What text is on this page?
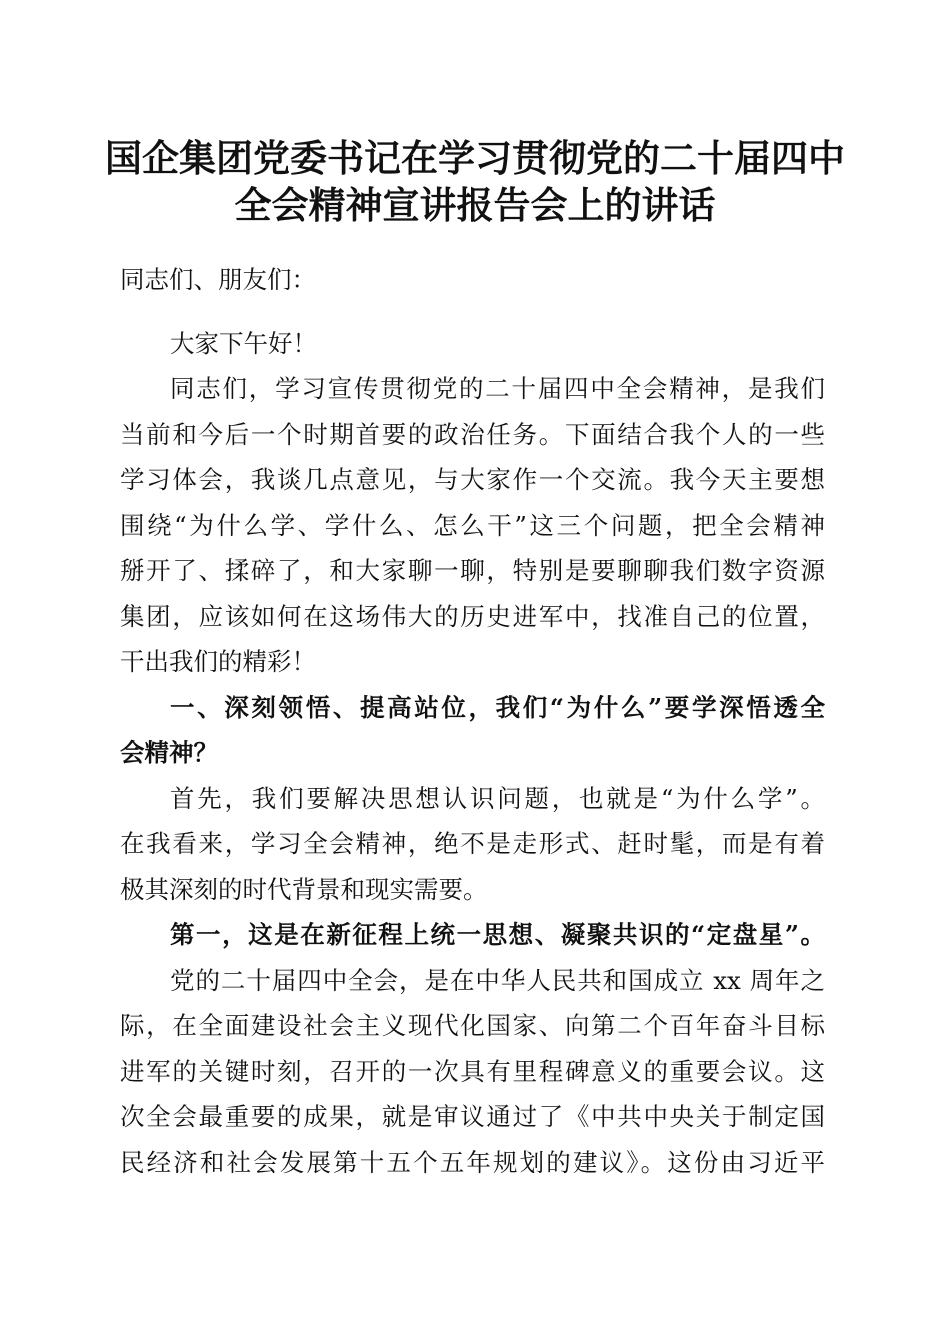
国企集团党委书记在学习贯彻党的二十届四中
全会精神宣讲报告会上的讲话
同志们、朋友们：
大家下午好！
同志们，学习宣传贯彻党的二十届四中全会精神，是我们
当前和今后一个时期首要的政治任务。下面结合我个人的一些
学习体会，我谈几点意见，与大家作一个交流。我今天主要想
围绕“为什么学、学什么、怎么干”这三个问题，把全会精神
掰开了、揉碎了，和大家聊一聊，特别是要聊聊我们数字资源
集团，应该如何在这场伟大的历史进军中，找准自己的位置，
干出我们的精彩！
一、深刻领悟、提高站位，我们“为什么”要学深悟透全
会精神？
首先，我们要解决思想认识问题，也就是“为什么学”。
在我看来，学习全会精神，绝不是走形式、赶时髦，而是有着
极其深刻的时代背景和现实需要。
第一，这是在新征程上统一思想、凝聚共识的“定盘星”。
党的二十届四中全会，是在中华人民共和国成立 xx 周年之
际，在全面建设社会主义现代化国家、向第二个百年奋斗目标
进军的关键时刻，召开的一次具有里程碑意义的重要会议。这
次全会最重要的成果，就是审议通过了《中共中央关于制定国
民经济和社会发展第十五个五年规划的建议》。这份由习近平
